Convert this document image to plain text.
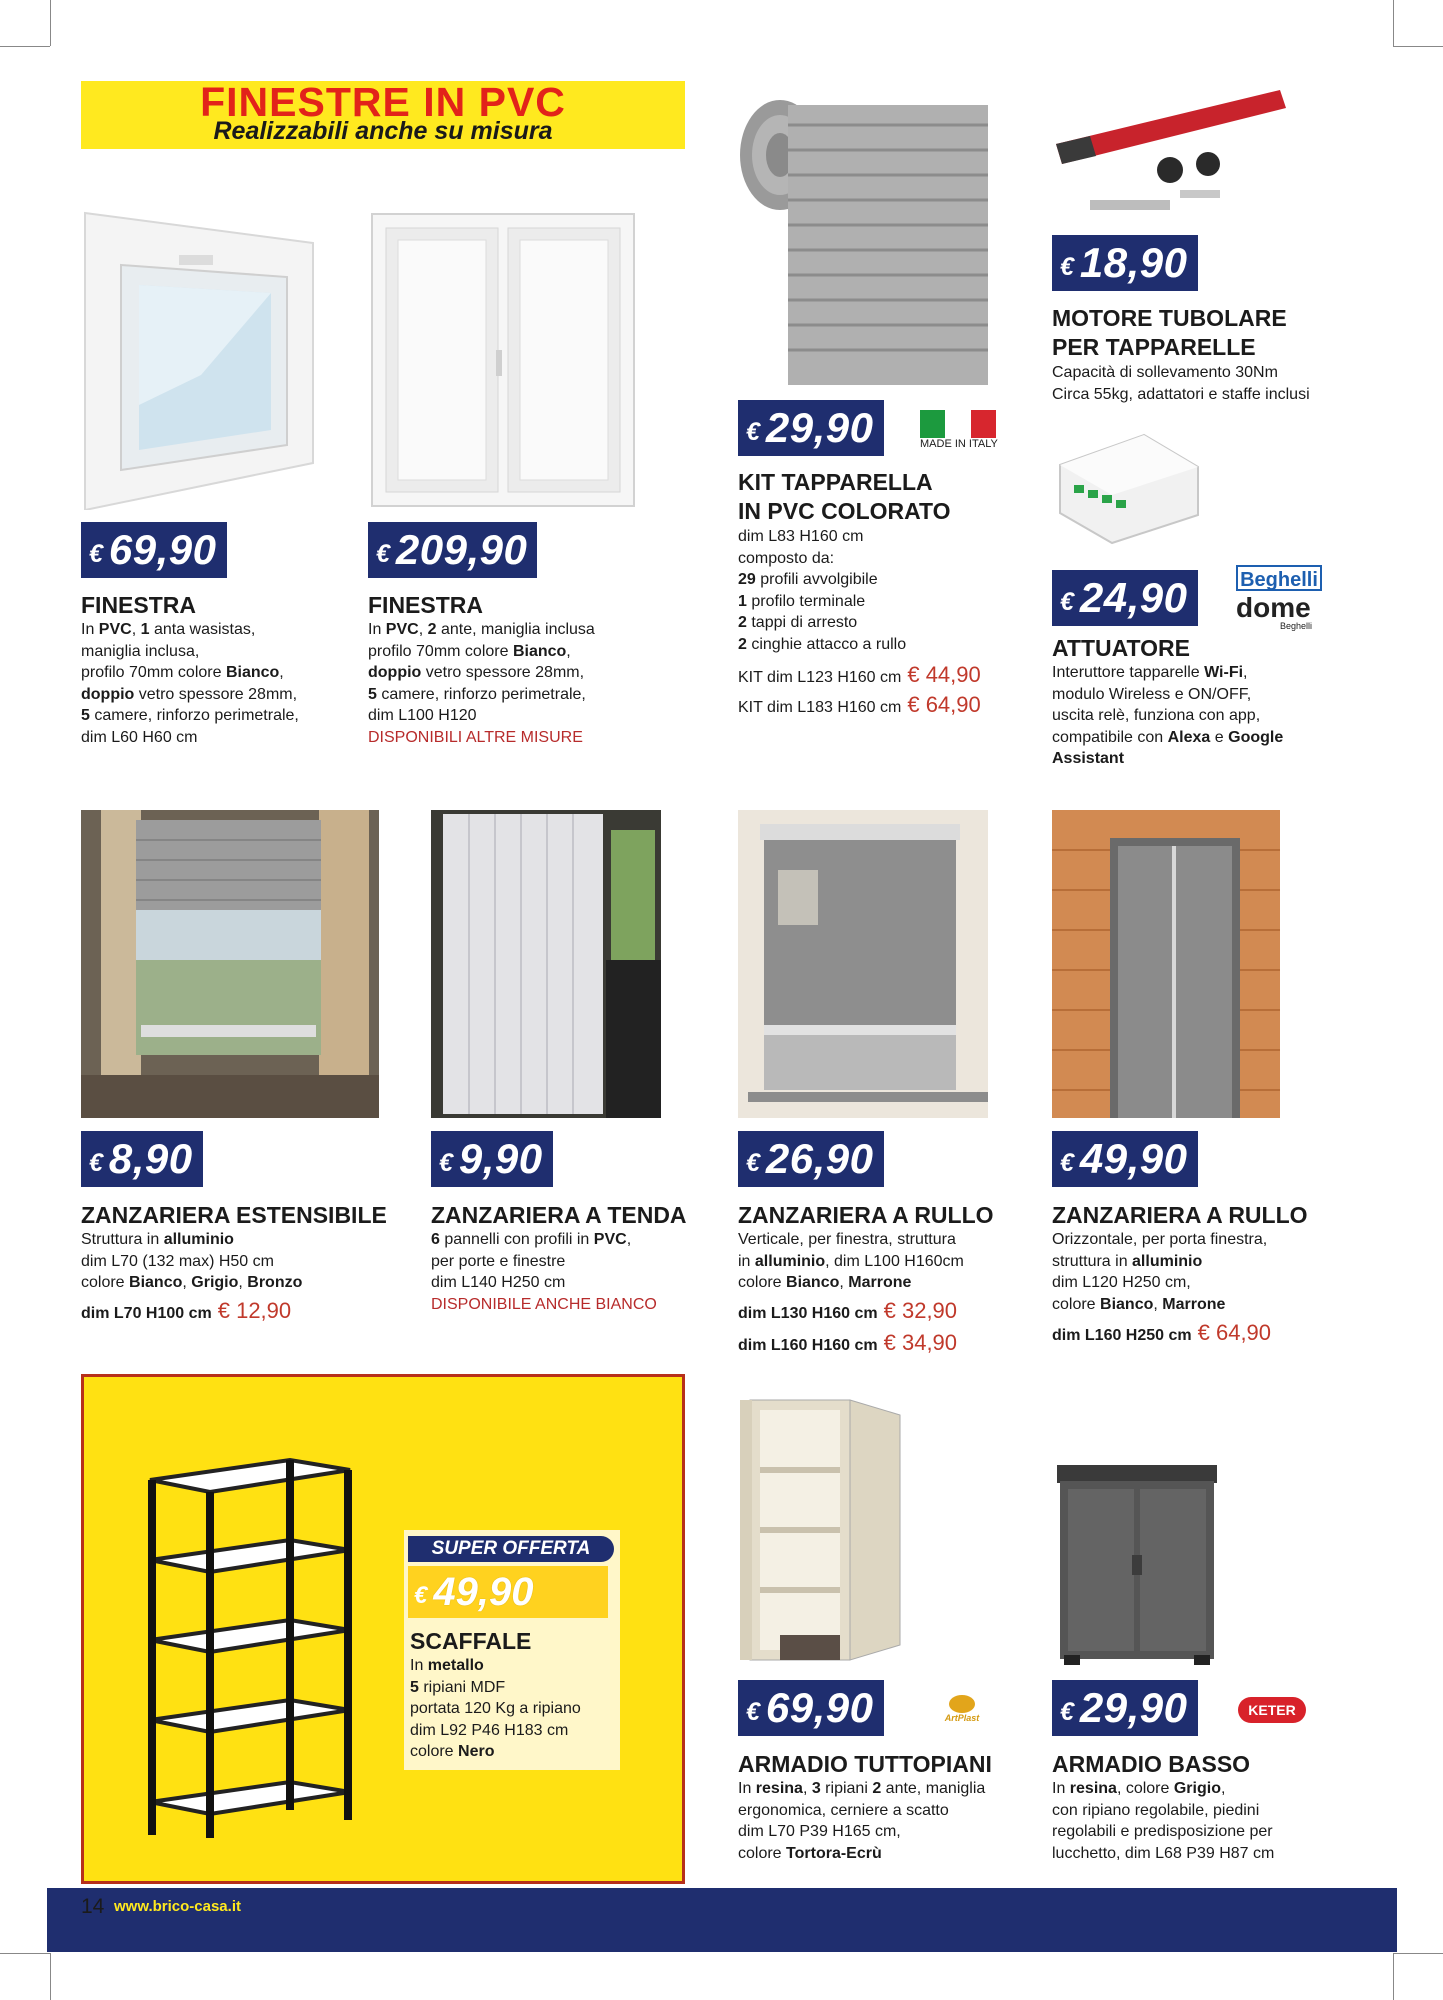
FINESTRE IN PVC
Realizzabili anche su misura
€ 69,90
FINESTRA
In PVC, 1 anta wasistas,
maniglia inclusa,
profilo 70mm colore Bianco,
doppio vetro spessore 28mm,
5 camere, rinforzo perimetrale,
dim L60 H60 cm
€ 209,90
FINESTRA
In PVC, 2 ante, maniglia inclusa
profilo 70mm colore Bianco,
doppio vetro spessore 28mm,
5 camere, rinforzo perimetrale,
dim L100 H120
DISPONIBILI ALTRE MISURE
€ 29,90	MADE IN ITALY
KIT TAPPARELLA
IN PVC COLORATO
dim L83 H160 cm
composto da:
29 profili avvolgibile
1 profilo terminale
2 tappi di arresto
2 cinghie attacco a rullo
KIT dim L123 H160 cm € 44,90
KIT dim L183 H160 cm € 64,90
Aprimatic
€ 18,90
MOTORE TUBOLARE
PER TAPPARELLE
Capacità di sollevamento 30Nm
Circa 55kg, adattatori e staffe inclusi
€ 24,90	Beghelli
dome
Beghelli
ATTUATORE
Interuttore tapparelle Wi-Fi,
modulo Wireless e ON/OFF,
uscita relè, funziona con app,
compatibile con Alexa e Google
Assistant
€ 8,90
ZANZARIERA ESTENSIBILE
Struttura in alluminio
dim L70 (132 max) H50 cm
colore Bianco, Grigio, Bronzo
dim L70 H100 cm € 12,90
€ 9,90
ZANZARIERA A TENDA
6 pannelli con profili in PVC,
per porte e finestre
dim L140 H250 cm
DISPONIBILE ANCHE BIANCO
€ 26,90
ZANZARIERA A RULLO
Verticale, per finestra, struttura
in alluminio, dim L100 H160cm
colore Bianco, Marrone
dim L130 H160 cm € 32,90
dim L160 H160 cm € 34,90
€ 49,90
ZANZARIERA A RULLO
Orizzontale, per porta finestra,
struttura in alluminio
dim L120 H250 cm,
colore Bianco, Marrone
dim L160 H250 cm € 64,90
SUPER OFFERTA
€ 49,90
SCAFFALE
In metallo
5 ripiani MDF
portata 120 Kg a ripiano
dim L92 P46 H183 cm
colore Nero
€ 69,90	ArtPlast
ARMADIO TUTTOPIANI
In resina, 3 ripiani 2 ante, maniglia
ergonomica, cerniere a scatto
dim L70 P39 H165 cm,
colore Tortora-Ecrù
€ 29,90	KETER
ARMADIO BASSO
In resina, colore Grigio,
con ripiano regolabile, piedini
regolabili e predisposizione per
lucchetto, dim L68 P39 H87 cm
14 www.brico-casa.it
